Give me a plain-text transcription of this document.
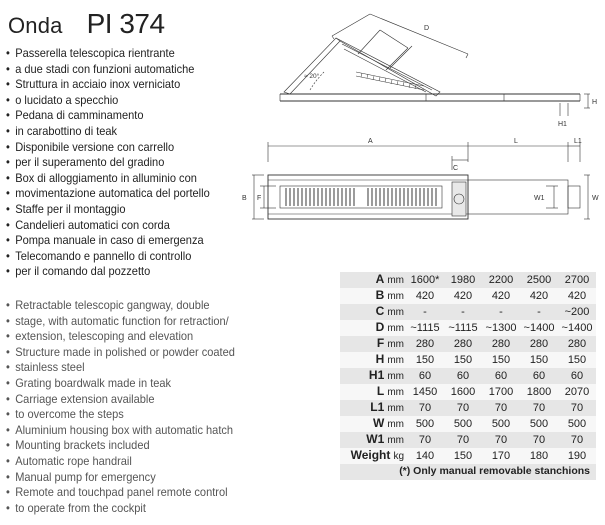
Onda PI 374
• Passerella telescopica rientrante
• a due stadi con funzioni automatiche
• Struttura in acciaio inox verniciato
• o lucidato a specchio
• Pedana di camminamento
• in carabottino di teak
• Disponibile versione con carrello
• per il superamento del gradino
• Box di alloggiamento in alluminio con
• movimentazione automatica del portello
• Staffe per il montaggio
• Candelieri automatici con corda
• Pompa manuale in caso di emergenza
• Telecomando e pannello di controllo
• per il comando dal pozzetto
• Retractable telescopic gangway, double
• stage, with automatic function for retraction/
• extension, telescoping and elevation
• Structure made in polished or powder coated
• stainless steel
• Grating boardwalk made in teak
• Carriage extension available
• to overcome the steps
• Aluminium housing box with automatic hatch
• Mounting brackets included
• Automatic rope handrail
• Manual pump for emergency
• Remote and touchpad panel remote control
• to operate from the cockpit
D
≈ 20°
H
H1
A
C
L	L1
B F	W1	W
A mm	1600*	1980	2200	2500	2700
B mm	420	420	420	420	420
C mm	-	-	-	-	~200
D mm	~1115	~1115	~1300	~1400	~1400
F mm	280	280	280	280	280
H mm	150	150	150	150	150
H1 mm	60	60	60	60	60
L mm	1450	1600	1700	1800	2070
L1 mm	70	70	70	70	70
W mm	500	500	500	500	500
W1 mm	70	70	70	70	70
Weight kg	140	150	170	180	190
(*) Only manual removable stanchions					
